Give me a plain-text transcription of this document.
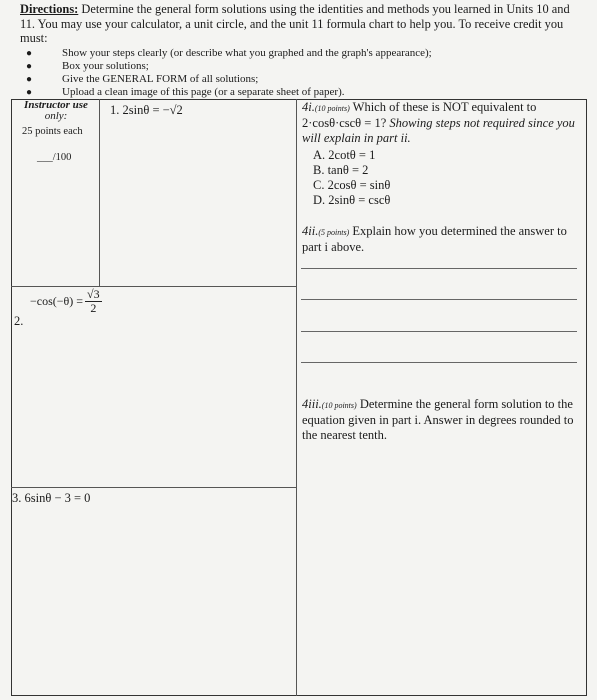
Directions: Determine the general form solutions using the identities and methods you learned in Units 10 and 11. You may use your calculator, a unit circle, and the unit 11 formula chart to help you. To receive credit you must:
●	Show your steps clearly (or describe what you graphed and the graph's appearance);
●	Box your solutions;
●	Give the GENERAL FORM of all solutions;
●	Upload a clean image of this page (or a separate sheet of paper).
Instructor use
only:
25 points each
___/100
1. 2sinθ = −√2
2.
$-\cos(-\theta) = \frac{√3}{2}$
3. 6sinθ − 3 = 0
4i.(10 points) Which of these is NOT equivalent to
2·cosθ·cscθ = 1? Showing steps not required since you will explain in part ii.
A. 2cotθ = 1
B. tanθ = 2
C. 2cosθ = sinθ
D. 2sinθ = cscθ
4ii.(5 points) Explain how you determined the answer to part i above.
4iii.(10 points) Determine the general form solution to the equation given in part i. Answer in degrees rounded to the nearest tenth.
